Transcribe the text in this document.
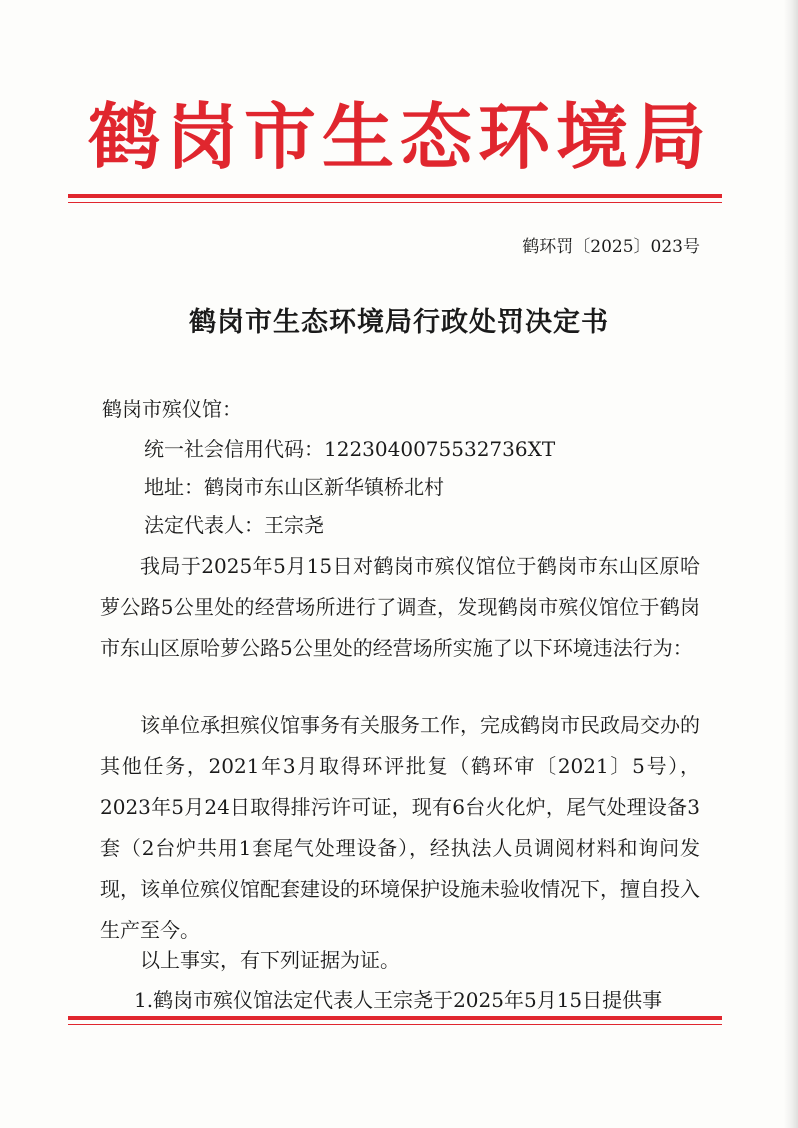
鹤岗市生态环境局
鹤环罚〔2025〕023号
鹤岗市生态环境局行政处罚决定书
鹤岗市殡仪馆：
统一社会信用代码：1223040075532736XT
地址：鹤岗市东山区新华镇桥北村
法定代表人：王宗尧
我局于2025年5月15日对鹤岗市殡仪馆位于鹤岗市东山区原哈萝公路5公里处的经营场所进行了调查，发现鹤岗市殡仪馆位于鹤岗市东山区原哈萝公路5公里处的经营场所实施了以下环境违法行为：
该单位承担殡仪馆事务有关服务工作，完成鹤岗市民政局交办的其他任务，2021年3月取得环评批复（鹤环审〔2021〕5号），2023年5月24日取得排污许可证，现有6台火化炉，尾气处理设备3套（2台炉共用1套尾气处理设备），经执法人员调阅材料和询问发现，该单位殡仪馆配套建设的环境保护设施未验收情况下，擅自投入生产至今。
以上事实，有下列证据为证。
1.鹤岗市殡仪馆法定代表人王宗尧于2025年5月15日提供事
